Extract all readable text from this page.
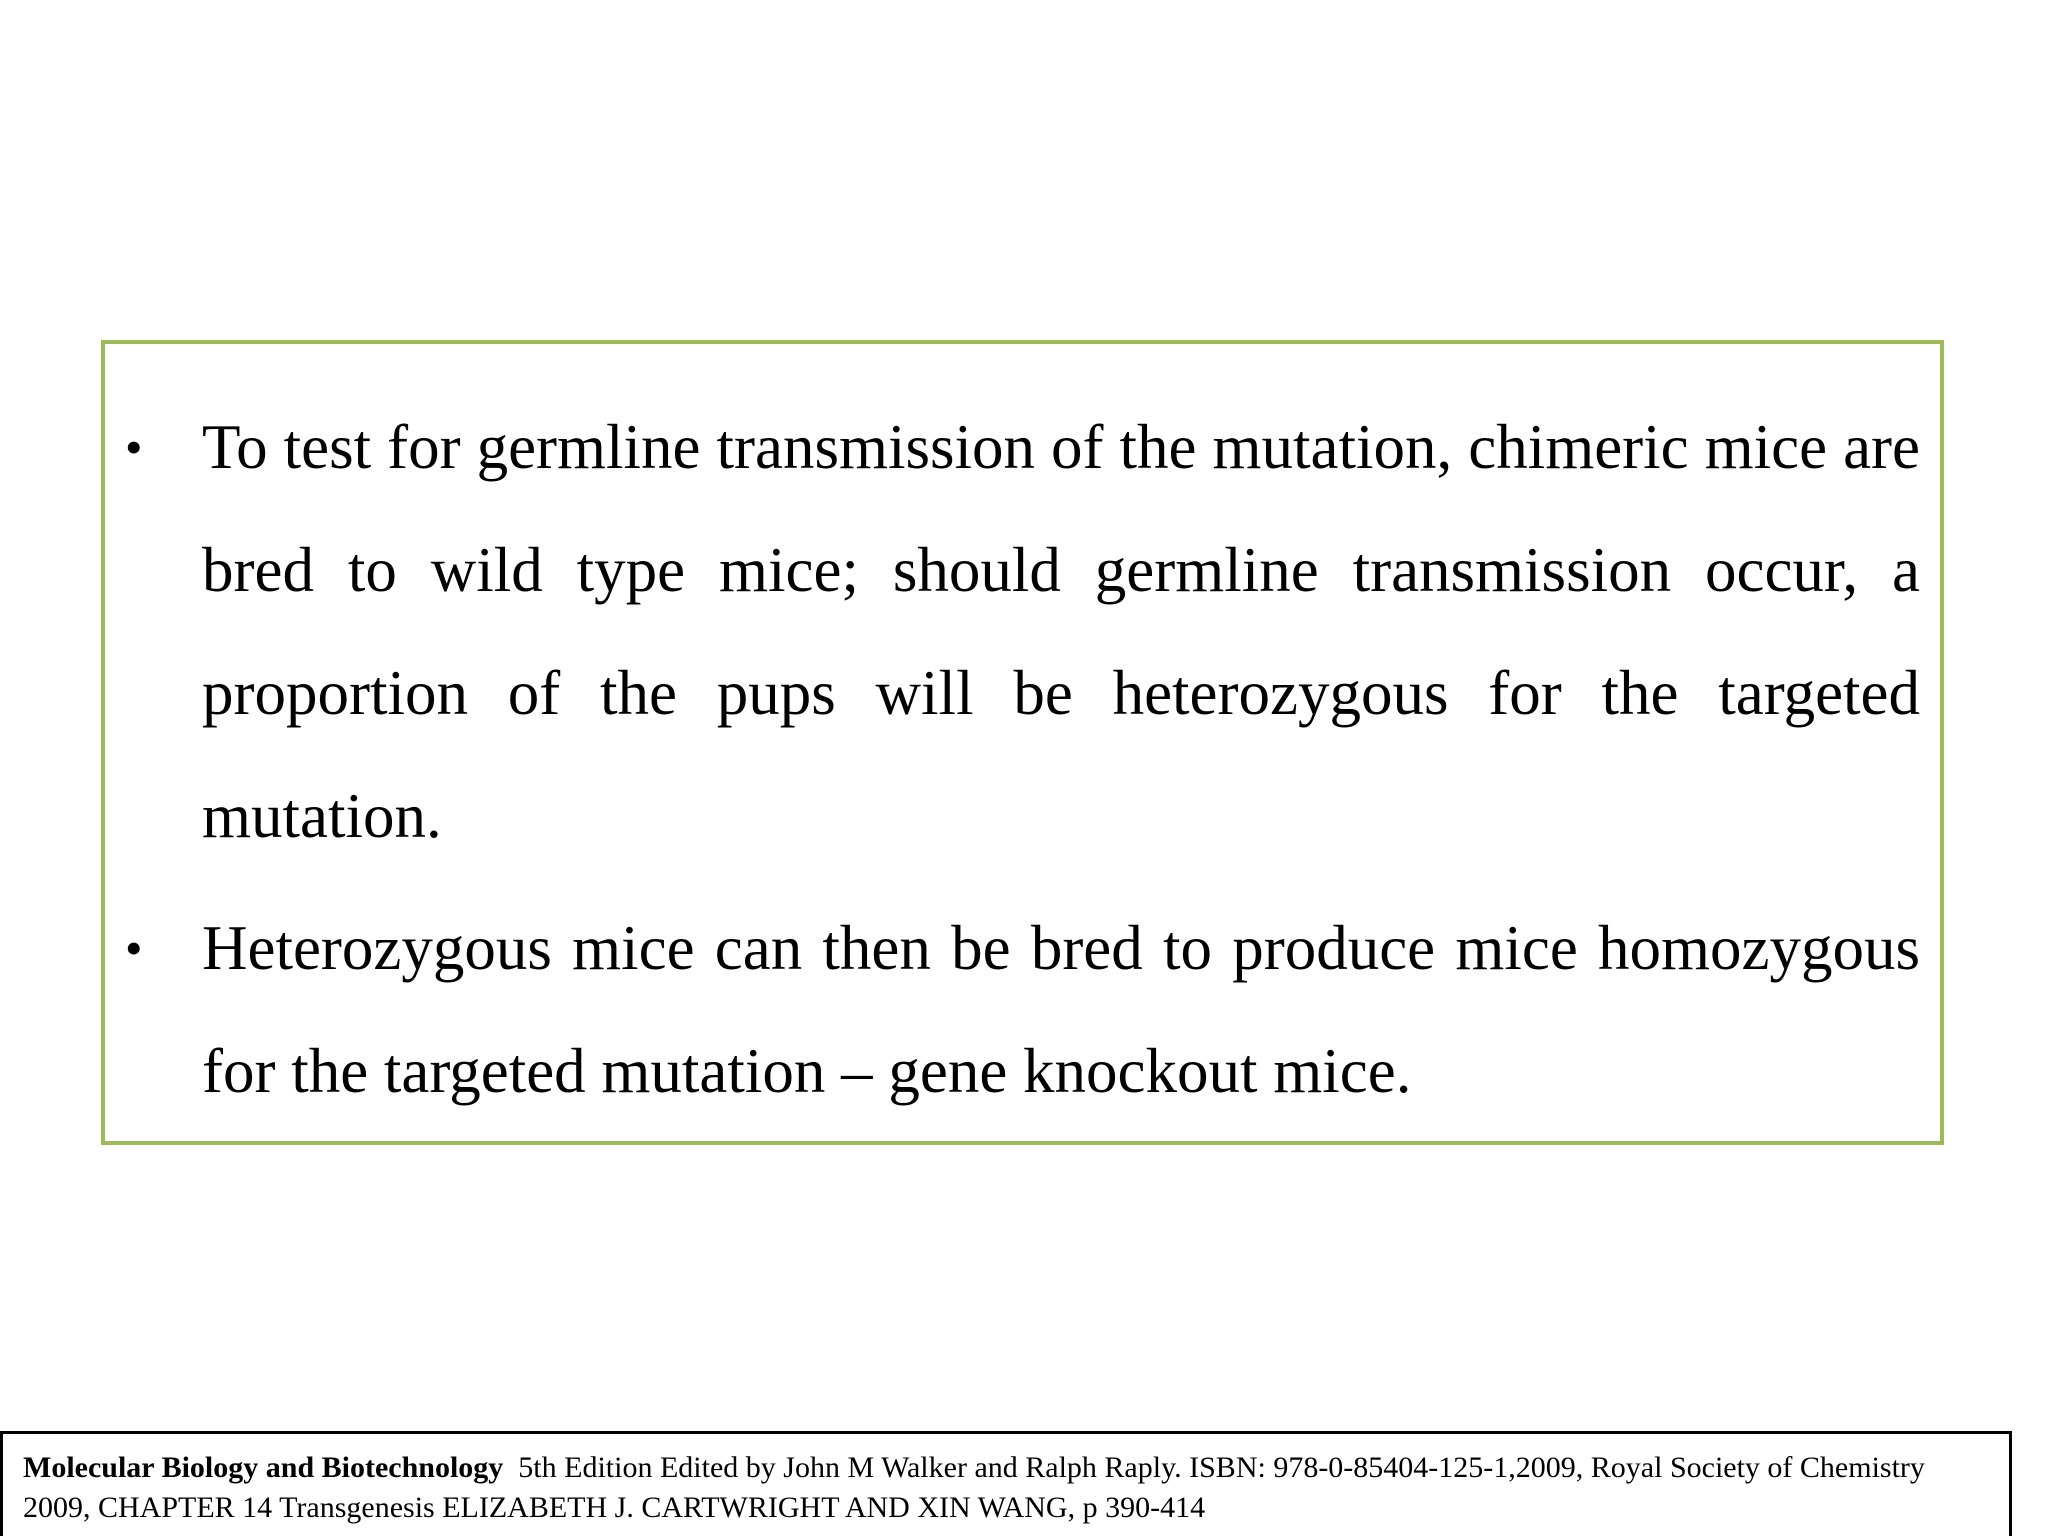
• To test for germline transmission of the mutation, chimeric mice are bred to wild type mice; should germline transmission occur, a proportion of the pups will be heterozygous for the targeted mutation.
• Heterozygous mice can then be bred to produce mice homozygous for the targeted mutation – gene knockout mice.
Molecular Biology and Biotechnology  5th Edition Edited by John M Walker and Ralph Raply. ISBN: 978-0-85404-125-1,2009, Royal Society of Chemistry 2009, CHAPTER 14 Transgenesis ELIZABETH J. CARTWRIGHT AND XIN WANG, p 390-414
